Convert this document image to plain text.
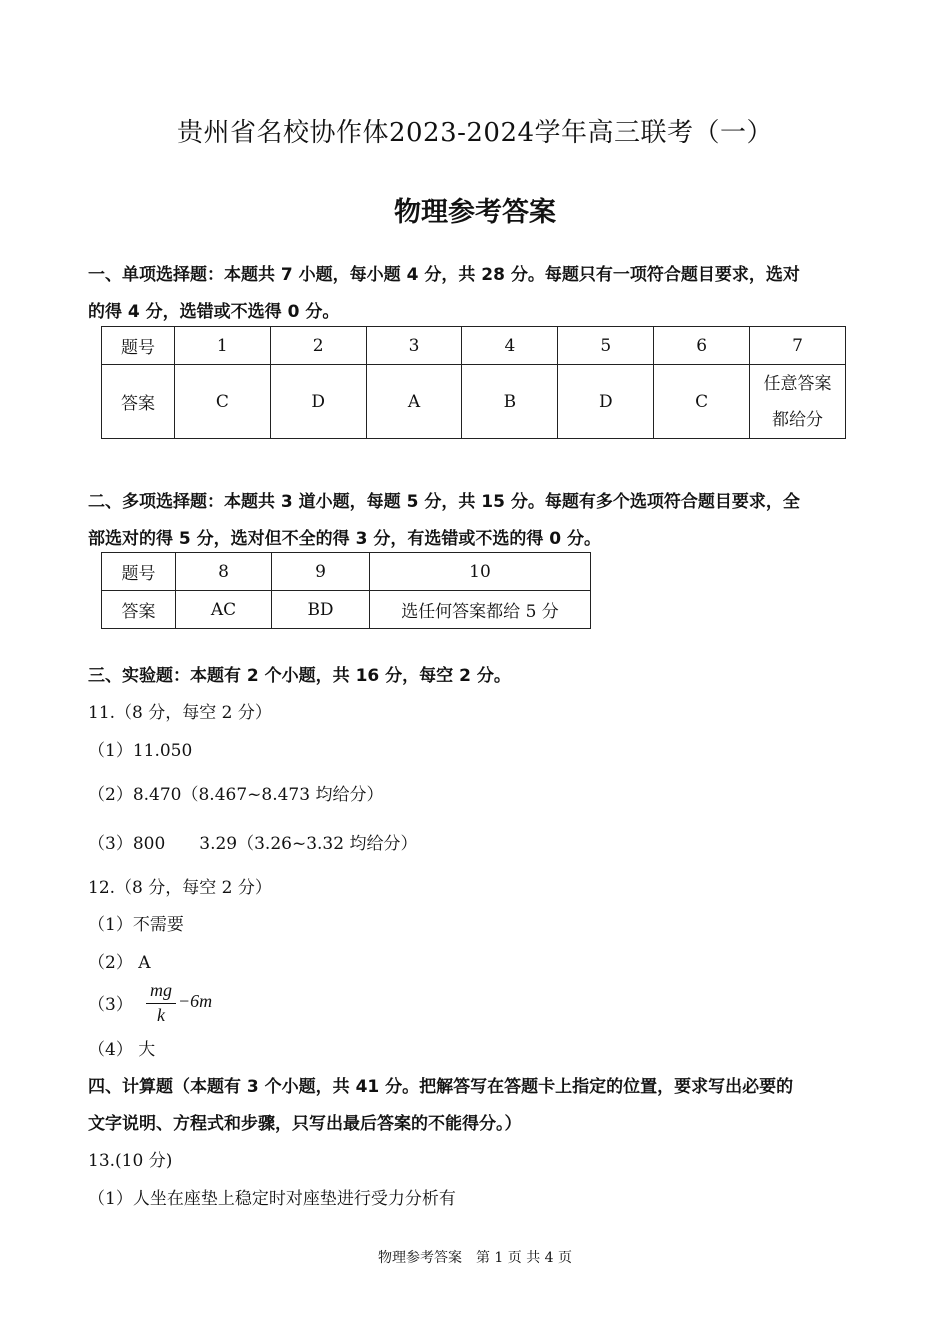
贵州省名校协作体2023-2024学年高三联考（一）
物理参考答案
一、单项选择题：本题共 7 小题，每小题 4 分，共 28 分。每题只有一项符合题目要求，选对
的得 4 分，选错或不选得 0 分。
题号	1	2	3	4	5	6	7
答案	C	D	A	B	D	C	任意答案
都给分
二、多项选择题：本题共 3 道小题，每题 5 分，共 15 分。每题有多个选项符合题目要求，全
部选对的得 5 分，选对但不全的得 3 分，有选错或不选的得 0 分。
题号	8	9	10
答案	AC	BD	选任何答案都给 5 分
三、实验题：本题有 2 个小题，共 16 分，每空 2 分。
11.（8 分，每空 2 分）
（1）11.050
（2）8.470（8.467~8.473 均给分）
（3）800　　3.29（3.26~3.32 均给分）
12.（8 分，每空 2 分）
（1）不需要
（2） A
（3）
mg
k
−6m
（4） 大
四、计算题（本题有 3 个小题，共 41 分。把解答写在答题卡上指定的位置，要求写出必要的
文字说明、方程式和步骤，只写出最后答案的不能得分。）
13.(10 分)
（1）人坐在座垫上稳定时对座垫进行受力分析有
物理参考答案　第 1 页 共 4 页
